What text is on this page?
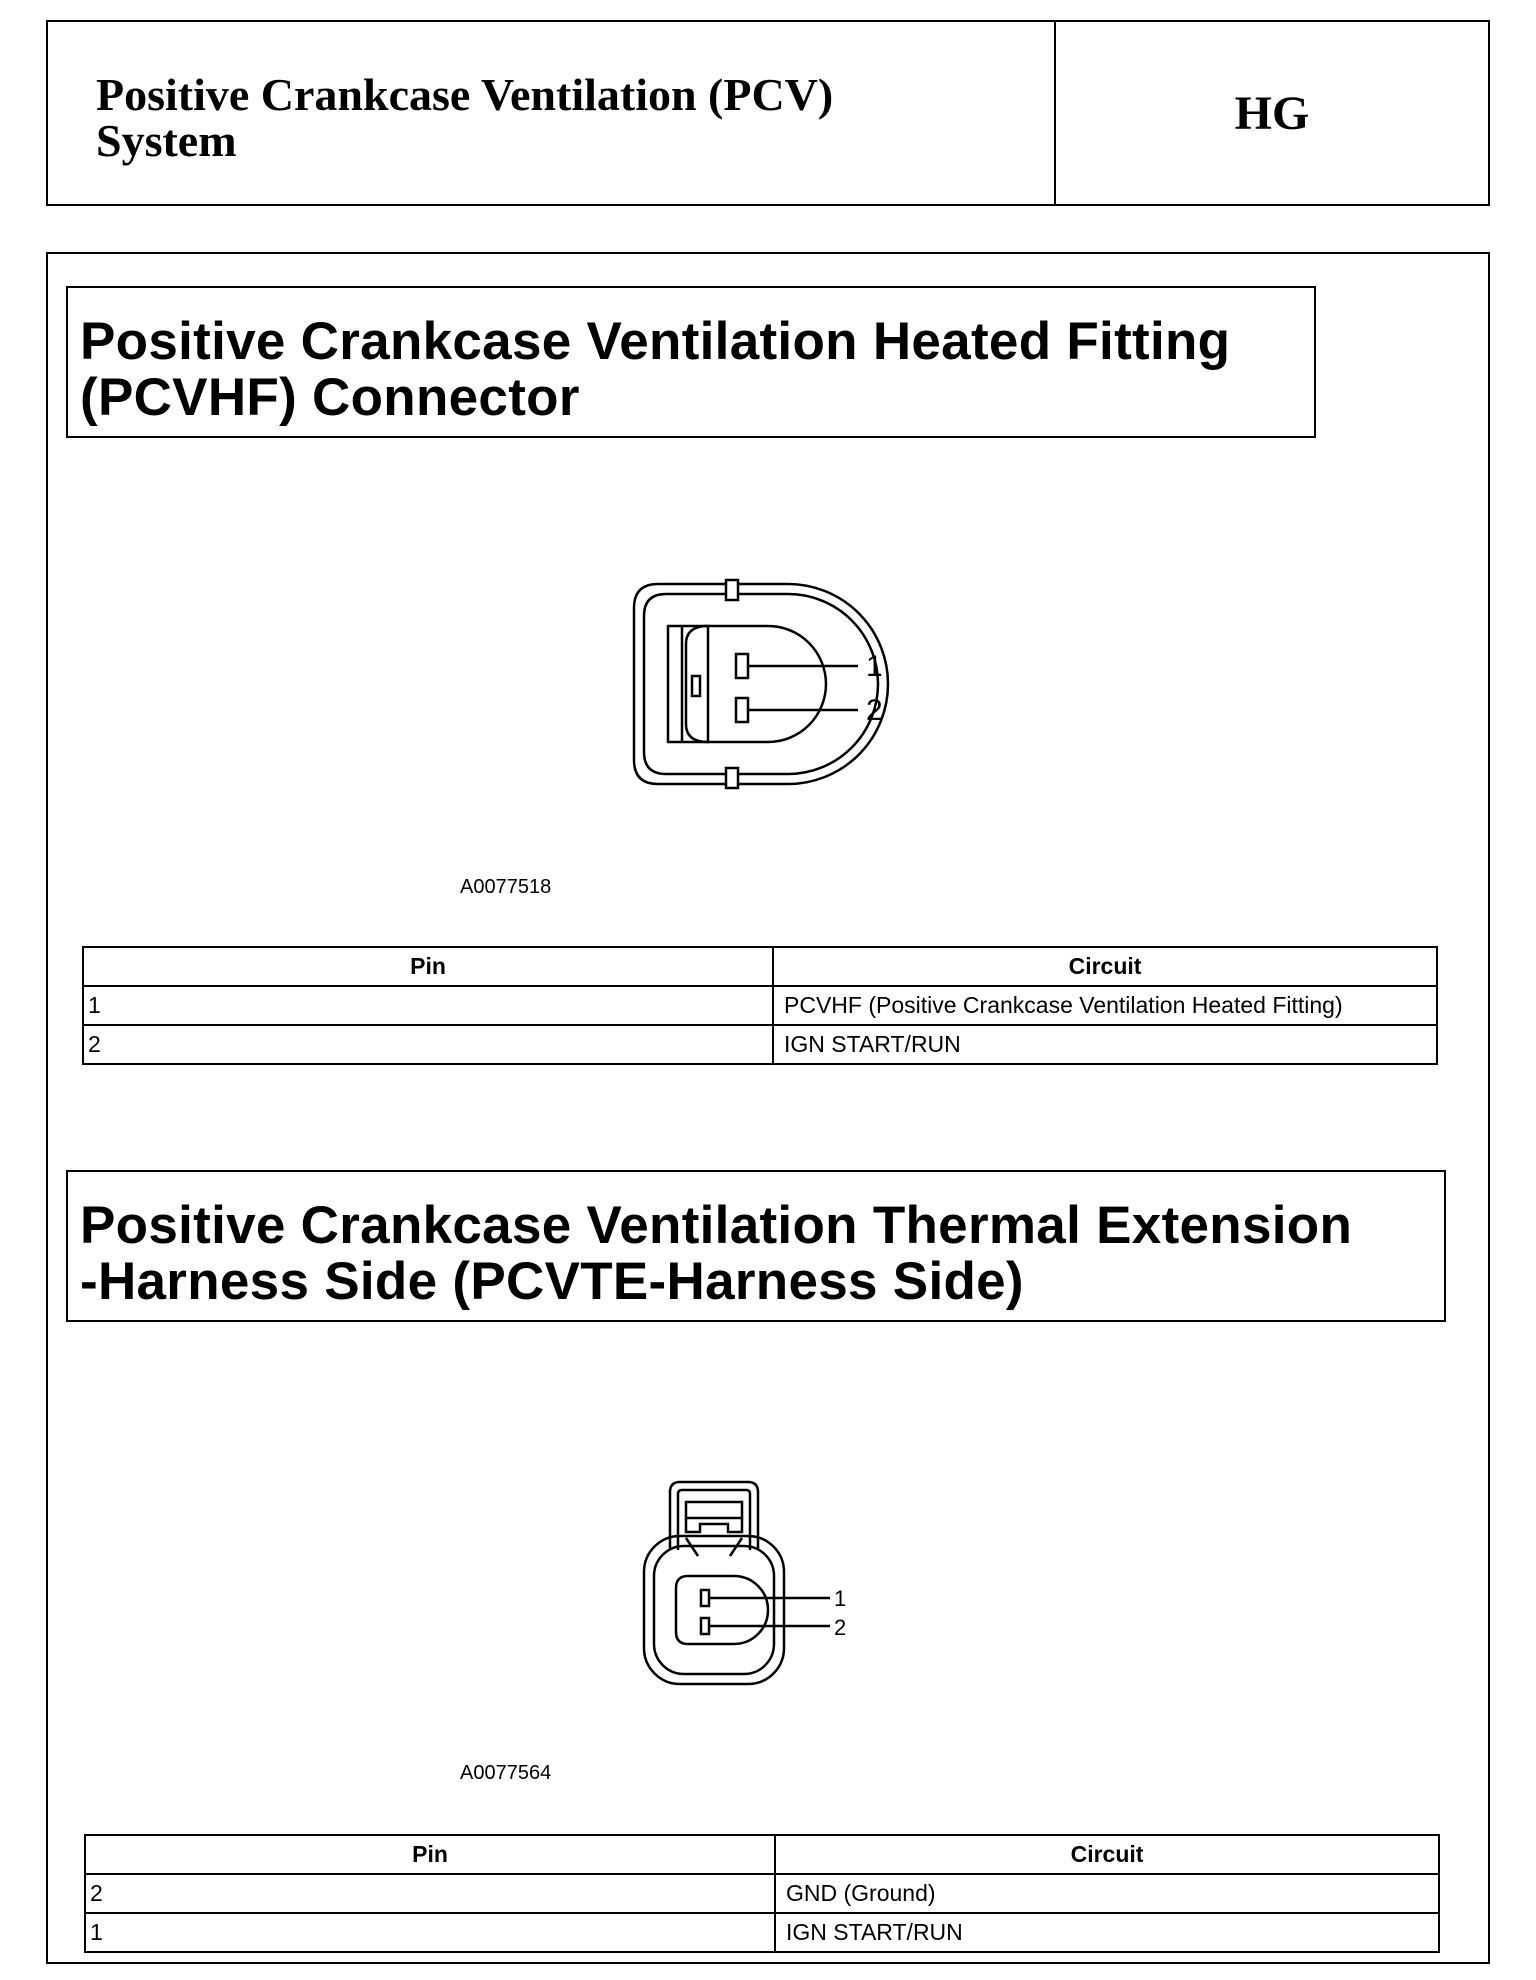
Positive Crankcase Ventilation (PCV)
System
HG
Positive Crankcase Ventilation Heated Fitting
(PCVHF) Connector
1
2
A0077518
Pin	Circuit
1	PCVHF (Positive Crankcase Ventilation Heated Fitting)
2	IGN START/RUN
Positive Crankcase Ventilation Thermal Extension
-Harness Side (PCVTE-Harness Side)
1
2
A0077564
Pin	Circuit
2	GND (Ground)
1	IGN START/RUN
